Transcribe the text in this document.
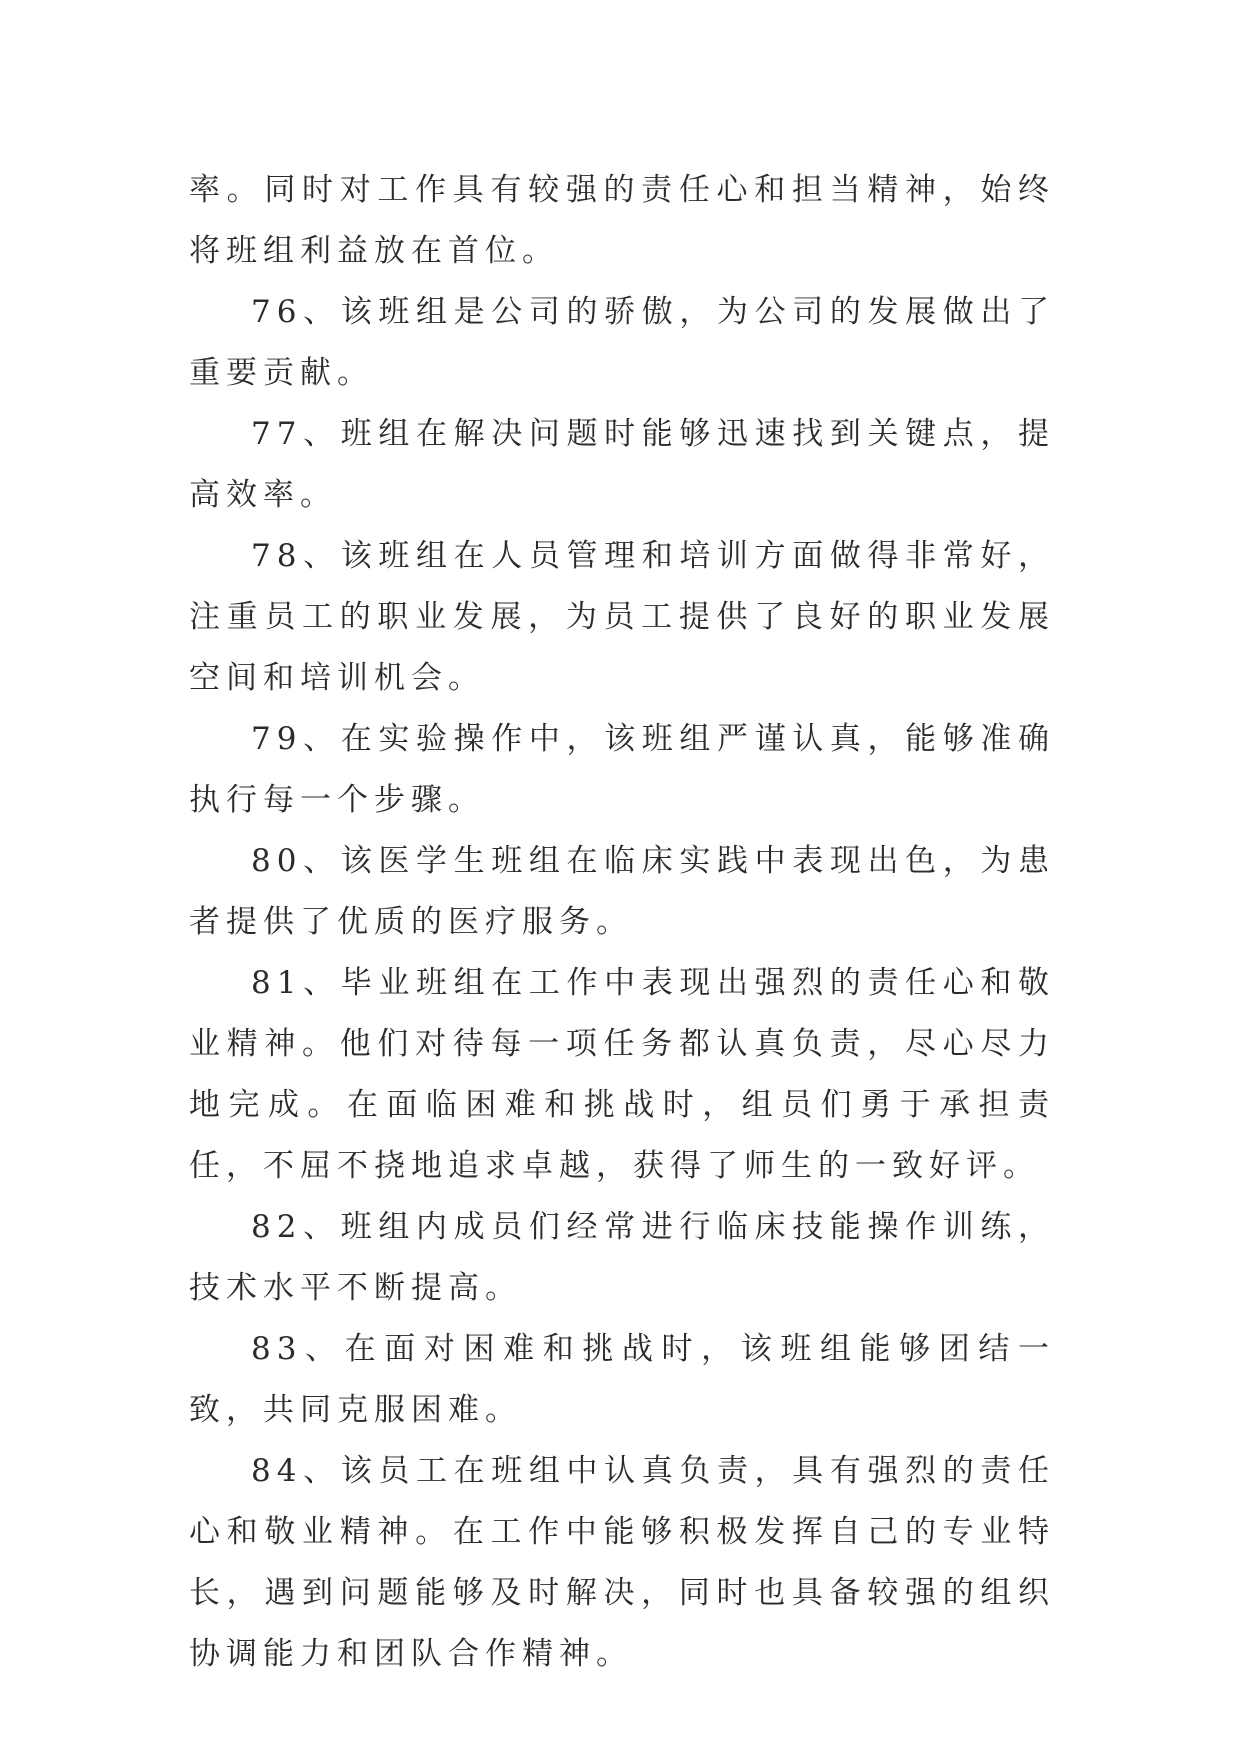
率。同时对工作具有较强的责任心和担当精神，始终将班组利益放在首位。

76、该班组是公司的骄傲，为公司的发展做出了重要贡献。

77、班组在解决问题时能够迅速找到关键点，提高效率。

78、该班组在人员管理和培训方面做得非常好，注重员工的职业发展，为员工提供了良好的职业发展空间和培训机会。

79、在实验操作中，该班组严谨认真，能够准确执行每一个步骤。

80、该医学生班组在临床实践中表现出色，为患者提供了优质的医疗服务。

81、毕业班组在工作中表现出强烈的责任心和敬业精神。他们对待每一项任务都认真负责，尽心尽力地完成。在面临困难和挑战时，组员们勇于承担责任，不屈不挠地追求卓越，获得了师生的一致好评。

82、班组内成员们经常进行临床技能操作训练，技术水平不断提高。

83、在面对困难和挑战时，该班组能够团结一致，共同克服困难。

84、该员工在班组中认真负责，具有强烈的责任心和敬业精神。在工作中能够积极发挥自己的专业特长，遇到问题能够及时解决，同时也具备较强的组织协调能力和团队合作精神。
